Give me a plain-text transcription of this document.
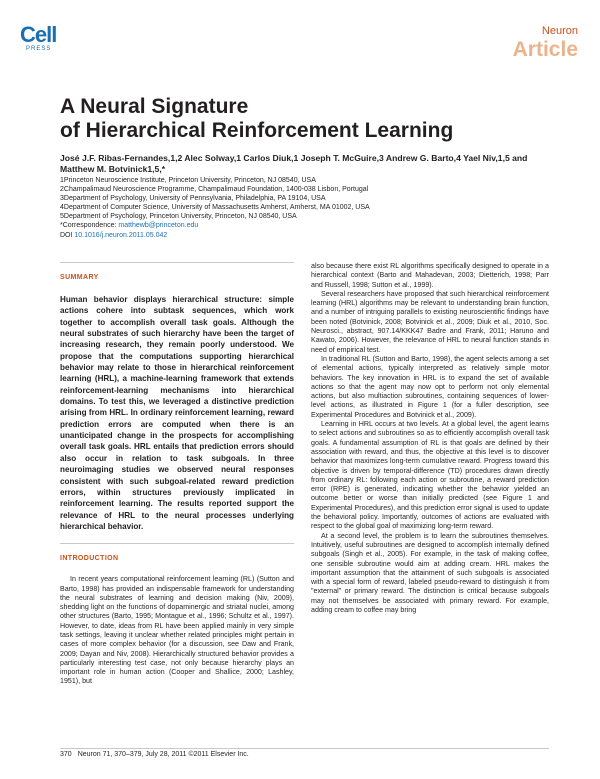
Cell
PRESS
Neuron
Article
A Neural Signature
of Hierarchical Reinforcement Learning
José J.F. Ribas-Fernandes,1,2 Alec Solway,1 Carlos Diuk,1 Joseph T. McGuire,3 Andrew G. Barto,4 Yael Niv,1,5 and Matthew M. Botvinick1,5,*
1Princeton Neuroscience Institute, Princeton University, Princeton, NJ 08540, USA
2Champalimaud Neuroscience Programme, Champalimaud Foundation, 1400-038 Lisbon, Portugal
3Department of Psychology, University of Pennsylvania, Philadelphia, PA 19104, USA
4Department of Computer Science, University of Massachusetts Amherst, Amherst, MA 01002, USA
5Department of Psychology, Princeton University, Princeton, NJ 08540, USA
*Correspondence: matthewb@princeton.edu
DOI 10.1016/j.neuron.2011.05.042
SUMMARY

Human behavior displays hierarchical structure: simple actions cohere into subtask sequences, which work together to accomplish overall task goals. Although the neural substrates of such hierarchy have been the target of increasing research, they remain poorly understood. We propose that the computations supporting hierarchical behavior may relate to those in hierarchical reinforcement learning (HRL), a machine-learning framework that extends reinforcement-learning mechanisms into hierarchical domains. To test this, we leveraged a distinctive prediction arising from HRL. In ordinary reinforcement learning, reward prediction errors are computed when there is an unanticipated change in the prospects for accomplishing overall task goals. HRL entails that prediction errors should also occur in relation to task subgoals. In three neuroimaging studies we observed neural responses consistent with such subgoal-related reward prediction errors, within structures previously implicated in reinforcement learning. The results reported support the relevance of HRL to the neural processes underlying hierarchical behavior.

INTRODUCTION

In recent years computational reinforcement learning (RL) (Sutton and Barto, 1998) has provided an indispensable framework for understanding the neural substrates of learning and decision making (Niv, 2009), shedding light on the functions of dopaminergic and striatal nuclei, among other structures (Barto, 1995; Montague et al., 1996; Schultz et al., 1997). However, to date, ideas from RL have been applied mainly in very simple task settings, leaving it unclear whether related principles might pertain in cases of more complex behavior (for a discussion, see Daw and Frank, 2009; Dayan and Niv, 2008). Hierarchically structured behavior provides a particularly interesting test case, not only because hierarchy plays an important role in human action (Cooper and Shallice, 2000; Lashley, 1951), but

also because there exist RL algorithms specifically designed to operate in a hierarchical context (Barto and Mahadevan, 2003; Dietterich, 1998; Parr and Russell, 1998; Sutton et al., 1999).

Several researchers have proposed that such hierarchical reinforcement learning (HRL) algorithms may be relevant to understanding brain function, and a number of intriguing parallels to existing neuroscientific findings have been noted (Botvinick, 2008; Botvinick et al., 2009; Diuk et al., 2010, Soc. Neurosci., abstract, 907.14/KKK47 Badre and Frank, 2011; Haruno and Kawato, 2006). However, the relevance of HRL to neural function stands in need of empirical test.

In traditional RL (Sutton and Barto, 1998), the agent selects among a set of elemental actions, typically interpreted as relatively simple motor behaviors. The key innovation in HRL is to expand the set of available actions so that the agent may now opt to perform not only elemental actions, but also multiaction subroutines, containing sequences of lower-level actions, as illustrated in Figure 1 (for a fuller description, see Experimental Procedures and Botvinick et al., 2009).

Learning in HRL occurs at two levels. At a global level, the agent learns to select actions and subroutines so as to efficiently accomplish overall task goals. A fundamental assumption of RL is that goals are defined by their association with reward, and thus, the objective at this level is to discover behavior that maximizes long-term cumulative reward. Progress toward this objective is driven by temporal-difference (TD) procedures drawn directly from ordinary RL: following each action or subroutine, a reward prediction error (RPE) is generated, indicating whether the behavior yielded an outcome better or worse than initially predicted (see Figure 1 and Experimental Procedures), and this prediction error signal is used to update the behavioral policy. Importantly, outcomes of actions are evaluated with respect to the global goal of maximizing long-term reward.

At a second level, the problem is to learn the subroutines themselves. Intuitively, useful subroutines are designed to accomplish internally defined subgoals (Singh et al., 2005). For example, in the task of making coffee, one sensible subroutine would aim at adding cream. HRL makes the important assumption that the attainment of such subgoals is associated with a special form of reward, labeled pseudo-reward to distinguish it from "external" or primary reward. The distinction is critical because subgoals may not themselves be associated with primary reward. For example, adding cream to coffee may bring

370 Neuron 71, 370–379, July 28, 2011 ©2011 Elsevier Inc.
